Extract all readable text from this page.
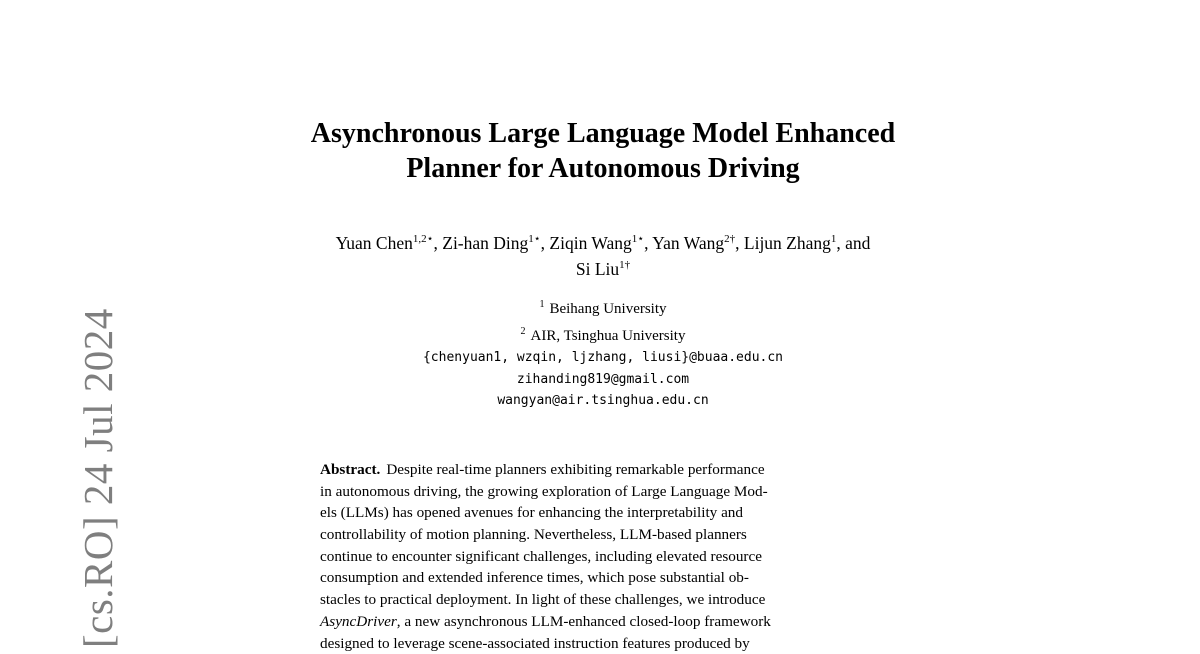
[cs.RO] 24 Jul 2024
Asynchronous Large Language Model Enhanced
Planner for Autonomous Driving
Yuan Chen$^{1,2⋆}$, Zi-han Ding$^{1⋆}$, Ziqin Wang$^{1⋆}$, Yan Wang$^{2\dagger}$, Lijun Zhang$^1$, and
Si Liu$^{1\dagger}$
$^1$ Beihang University
$^2$ AIR, Tsinghua University
{chenyuan1, wzqin, ljzhang, liusi}@buaa.edu.cn
zihanding819@gmail.com
wangyan@air.tsinghua.edu.cn
Abstract. Despite real-time planners exhibiting remarkable performance
in autonomous driving, the growing exploration of Large Language Mod-
els (LLMs) has opened avenues for enhancing the interpretability and
controllability of motion planning. Nevertheless, LLM-based planners
continue to encounter significant challenges, including elevated resource
consumption and extended inference times, which pose substantial ob-
stacles to practical deployment. In light of these challenges, we introduce
AsyncDriver, a new asynchronous LLM-enhanced closed-loop framework
designed to leverage scene-associated instruction features produced by
